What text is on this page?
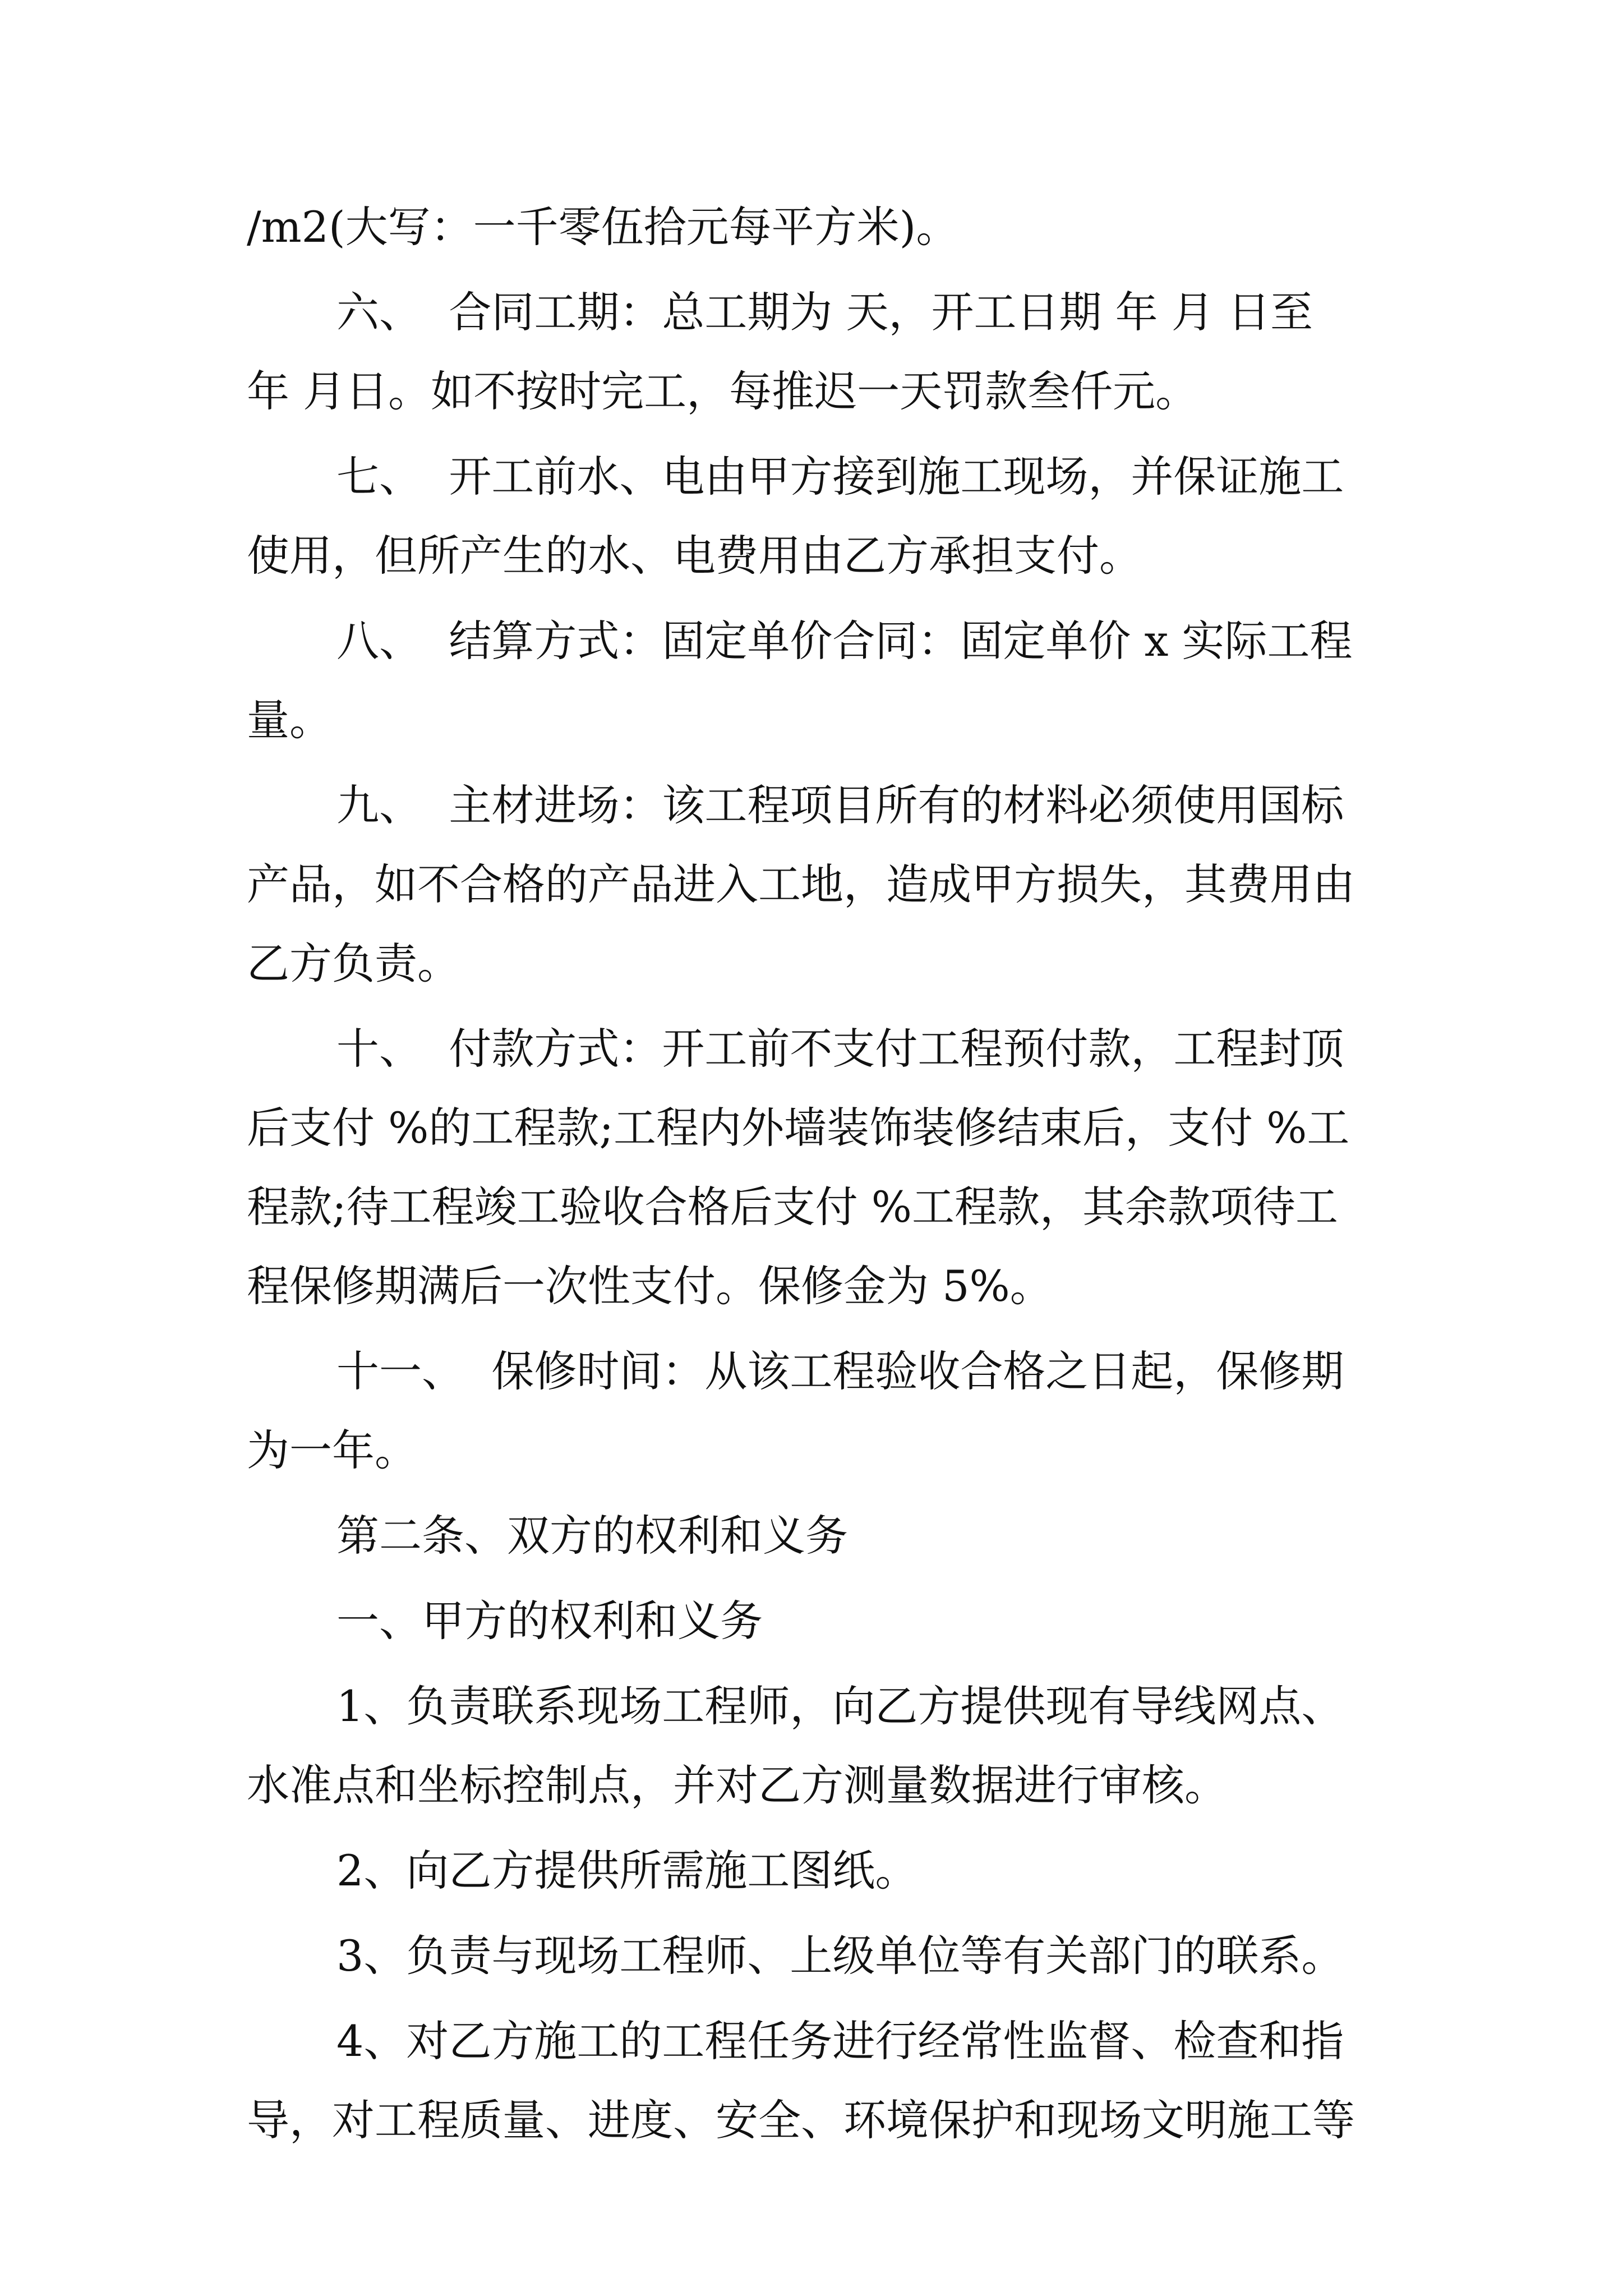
/m2(大写：一千零伍拾元每平方米)。
六、  合同工期：总工期为 天，开工日期 年 月 日至
年 月日。如不按时完工，每推迟一天罚款叁仟元。
七、  开工前水、电由甲方接到施工现场，并保证施工
使用，但所产生的水、电费用由乙方承担支付。
八、  结算方式：固定单价合同：固定单价 x 实际工程
量。
九、  主材进场：该工程项目所有的材料必须使用国标
产品，如不合格的产品进入工地，造成甲方损失，其费用由
乙方负责。
十、  付款方式：开工前不支付工程预付款，工程封顶
后支付 %的工程款;工程内外墙装饰装修结束后，支付 %工
程款;待工程竣工验收合格后支付 %工程款，其余款项待工
程保修期满后一次性支付。保修金为 5%。
十一、  保修时间：从该工程验收合格之日起，保修期
为一年。
第二条、双方的权利和义务
一、甲方的权利和义务
1、负责联系现场工程师，向乙方提供现有导线网点、
水准点和坐标控制点，并对乙方测量数据进行审核。
2、向乙方提供所需施工图纸。
3、负责与现场工程师、上级单位等有关部门的联系。
4、对乙方施工的工程任务进行经常性监督、检查和指
导，对工程质量、进度、安全、环境保护和现场文明施工等
